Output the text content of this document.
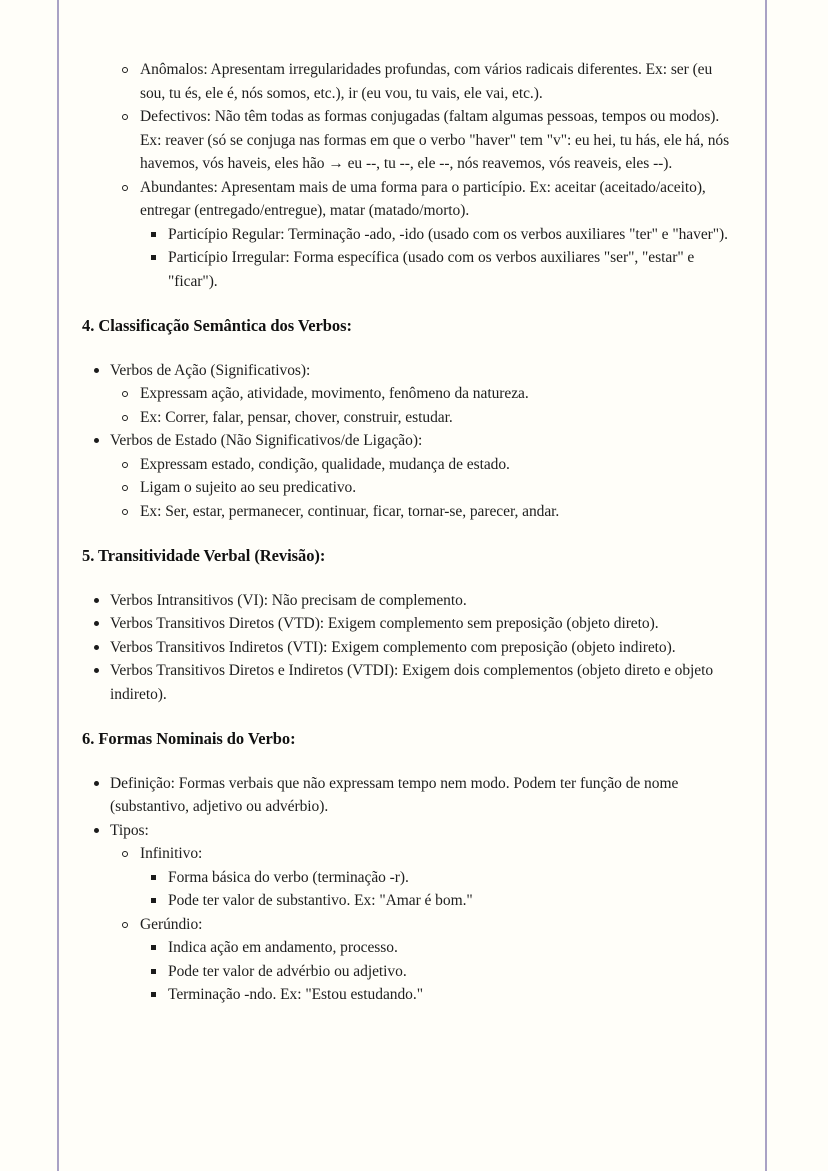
Anômalos: Apresentam irregularidades profundas, com vários radicais diferentes. Ex: ser (eu sou, tu és, ele é, nós somos, etc.), ir (eu vou, tu vais, ele vai, etc.).
Defectivos: Não têm todas as formas conjugadas (faltam algumas pessoas, tempos ou modos). Ex: reaver (só se conjuga nas formas em que o verbo "haver" tem "v": eu hei, tu hás, ele há, nós havemos, vós haveis, eles hão → eu --, tu --, ele --, nós reavemos, vós reaveis, eles --).
Abundantes: Apresentam mais de uma forma para o particípio. Ex: aceitar (aceitado/aceito), entregar (entregado/entregue), matar (matado/morto).
Particípio Regular: Terminação -ado, -ido (usado com os verbos auxiliares "ter" e "haver").
Particípio Irregular: Forma específica (usado com os verbos auxiliares "ser", "estar" e "ficar").
4. Classificação Semântica dos Verbos:
Verbos de Ação (Significativos):
Expressam ação, atividade, movimento, fenômeno da natureza.
Ex: Correr, falar, pensar, chover, construir, estudar.
Verbos de Estado (Não Significativos/de Ligação):
Expressam estado, condição, qualidade, mudança de estado.
Ligam o sujeito ao seu predicativo.
Ex: Ser, estar, permanecer, continuar, ficar, tornar-se, parecer, andar.
5. Transitividade Verbal (Revisão):
Verbos Intransitivos (VI): Não precisam de complemento.
Verbos Transitivos Diretos (VTD): Exigem complemento sem preposição (objeto direto).
Verbos Transitivos Indiretos (VTI): Exigem complemento com preposição (objeto indireto).
Verbos Transitivos Diretos e Indiretos (VTDI): Exigem dois complementos (objeto direto e objeto indireto).
6. Formas Nominais do Verbo:
Definição: Formas verbais que não expressam tempo nem modo. Podem ter função de nome (substantivo, adjetivo ou advérbio).
Tipos:
Infinitivo:
Forma básica do verbo (terminação -r).
Pode ter valor de substantivo. Ex: "Amar é bom."
Gerúndio:
Indica ação em andamento, processo.
Pode ter valor de advérbio ou adjetivo.
Terminação -ndo. Ex: "Estou estudando."
